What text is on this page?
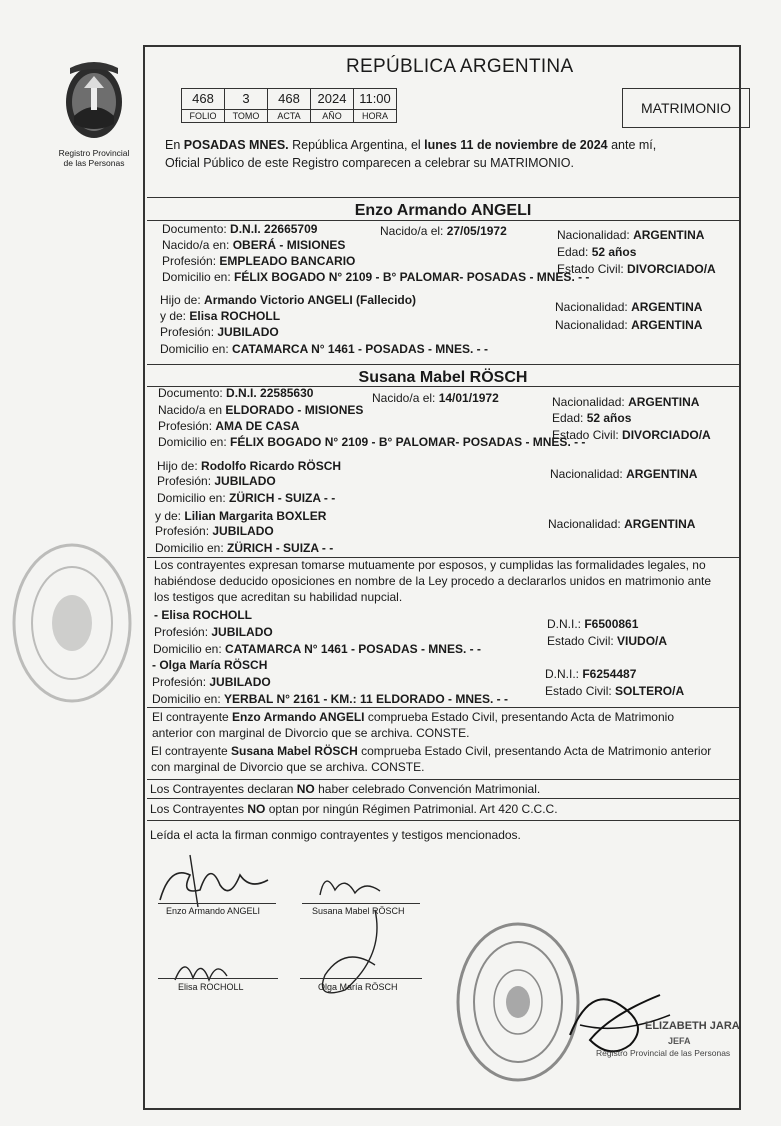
Registro Provincial
de las Personas
REPÚBLICA ARGENTINA
468
FOLIO
3
TOMO
468
ACTA
2024
AÑO
11:00
HORA	MATRIMONIO
En POSADAS MNES. República Argentina, el lunes 11 de noviembre de 2024 ante mí,
Oficial Público de este Registro comparecen a celebrar su MATRIMONIO.
Enzo Armando ANGELI
Documento: D.N.I. 22665709	Nacido/a el: 27/05/1972	Nacionalidad: ARGENTINA
Nacido/a en: OBERÁ - MISIONES	Edad: 52 años
Profesión: EMPLEADO BANCARIO
Estado Civil: DIVORCIADO/A
Domicilio en: FÉLIX BOGADO N° 2109 - B° PALOMAR- POSADAS - MNES. - -
Hijo de: Armando Victorio ANGELI (Fallecido)	Nacionalidad: ARGENTINA
y de: Elisa ROCHOLL
Nacionalidad: ARGENTINA
Profesión: JUBILADO
Domicilio en: CATAMARCA N° 1461 - POSADAS - MNES. - -
Susana Mabel RÖSCH
Documento: D.N.I. 22585630	Nacido/a el: 14/01/1972	Nacionalidad: ARGENTINA
Nacido/a en ELDORADO - MISIONES
Edad: 52 años
Profesión: AMA DE CASA
Estado Civil: DIVORCIADO/A
Domicilio en: FÉLIX BOGADO N° 2109 - B° PALOMAR- POSADAS - MNES. - -
Hijo de: Rodolfo Ricardo RÖSCH
Nacionalidad: ARGENTINA
Profesión: JUBILADO
Domicilio en: ZÜRICH - SUIZA - -
y de: Lilian Margarita BOXLER
Nacionalidad: ARGENTINA
Profesión: JUBILADO
Domicilio en: ZÜRICH - SUIZA - -
Los contrayentes expresan tomarse mutuamente por esposos, y cumplidas las formalidades legales, no
habiéndose deducido oposiciones en nombre de la Ley procedo a declararlos unidos en matrimonio ante
los testigos que acreditan su habilidad nupcial.
- Elisa ROCHOLL
D.N.I.: F6500861
Profesión: JUBILADO
Estado Civil: VIUDO/A
Domicilio en: CATAMARCA N° 1461 - POSADAS - MNES. - -
- Olga María RÖSCH
D.N.I.: F6254487
Profesión: JUBILADO
Estado Civil: SOLTERO/A
Domicilio en: YERBAL N° 2161 - KM.: 11 ELDORADO - MNES. - -
El contrayente Enzo Armando ANGELI comprueba Estado Civil, presentando Acta de Matrimonio
anterior con marginal de Divorcio que se archiva. CONSTE.
El contrayente Susana Mabel RÖSCH comprueba Estado Civil, presentando Acta de Matrimonio anterior
con marginal de Divorcio que se archiva. CONSTE.
Los Contrayentes declaran NO haber celebrado Convención Matrimonial.
Los Contrayentes NO optan por ningún Régimen Patrimonial. Art 420 C.C.C.
Leída el acta la firman conmigo contrayentes y testigos mencionados.
Enzo Armando ANGELI	Susana Mabel RÖSCH
Elisa ROCHOLL	Olga María RÖSCH
ELIZABETH JARA
JEFA
Registro Provincial de las Personas
